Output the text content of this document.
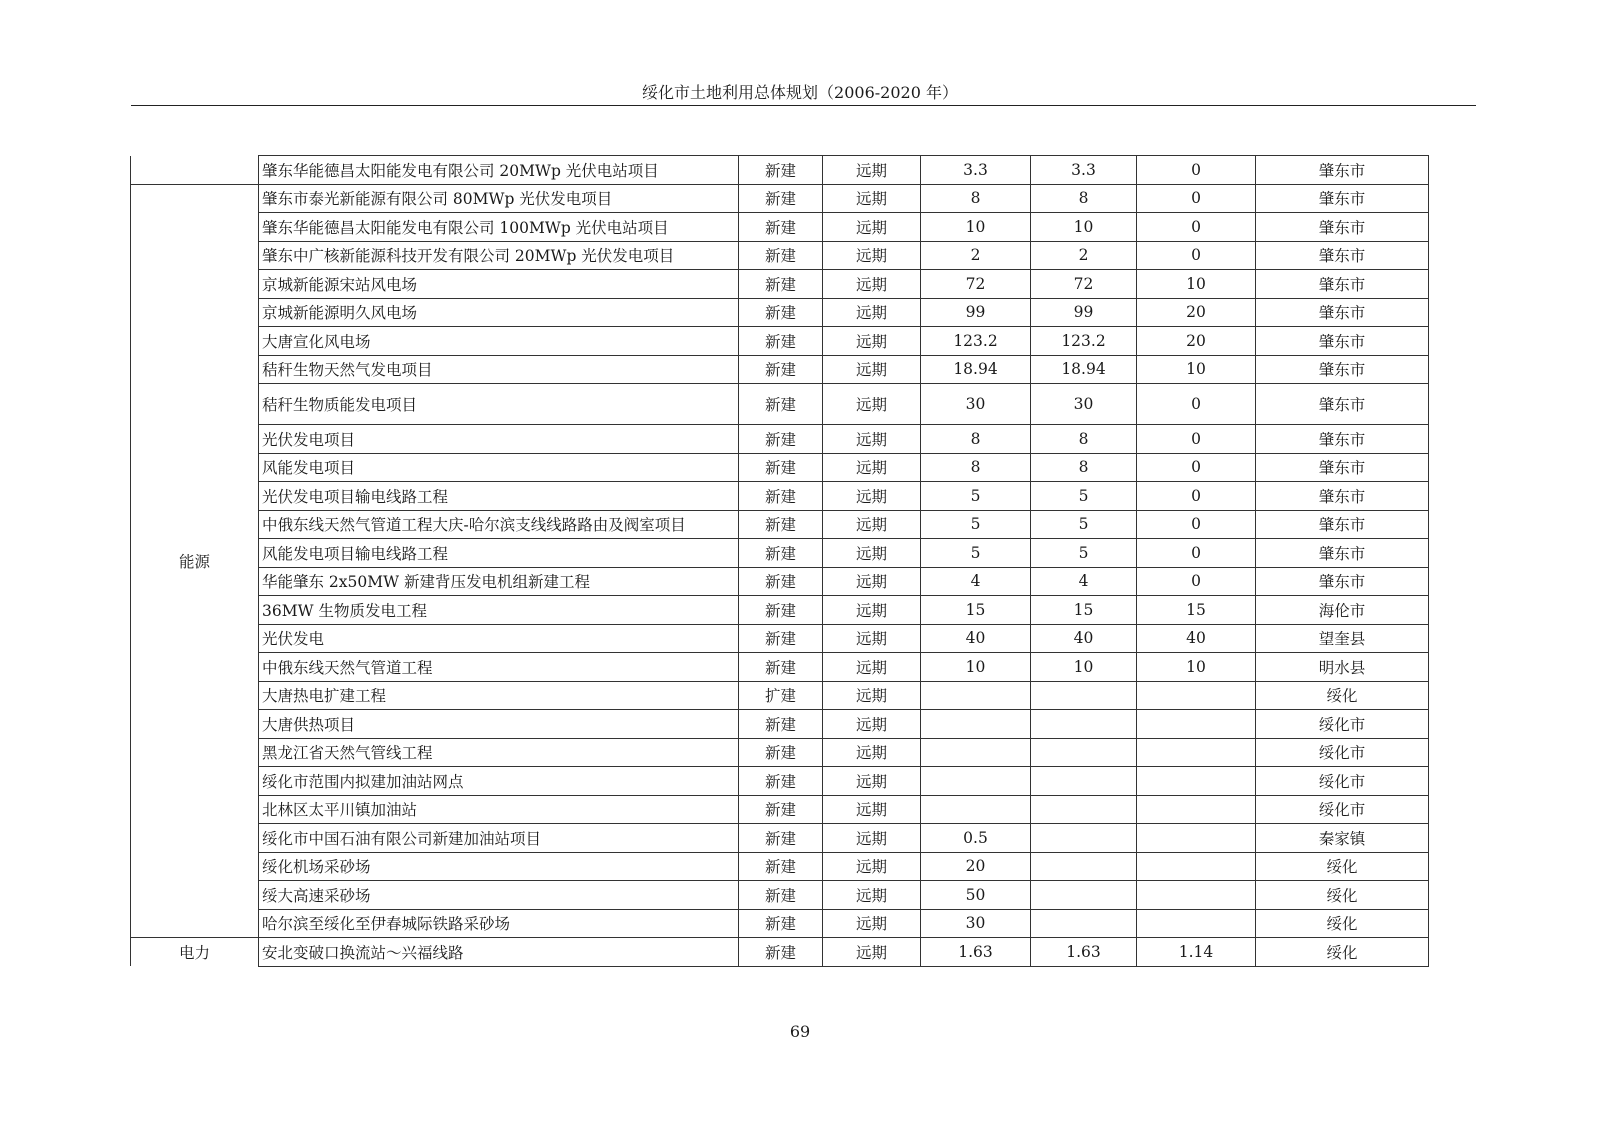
绥化市土地利用总体规划（2006-2020 年）
	肇东华能德昌太阳能发电有限公司 20MWp 光伏电站项目	新建	远期	3.3	3.3	0	肇东市
能源	肇东市泰光新能源有限公司 80MWp 光伏发电项目	新建	远期	8	8	0	肇东市
	肇东华能德昌太阳能发电有限公司 100MWp 光伏电站项目	新建	远期	10	10	0	肇东市
	肇东中广核新能源科技开发有限公司 20MWp 光伏发电项目	新建	远期	2	2	0	肇东市
	京城新能源宋站风电场	新建	远期	72	72	10	肇东市
	京城新能源明久风电场	新建	远期	99	99	20	肇东市
	大唐宣化风电场	新建	远期	123.2	123.2	20	肇东市
	秸秆生物天然气发电项目	新建	远期	18.94	18.94	10	肇东市
	秸秆生物质能发电项目	新建	远期	30	30	0	肇东市
	光伏发电项目	新建	远期	8	8	0	肇东市
	风能发电项目	新建	远期	8	8	0	肇东市
	光伏发电项目输电线路工程	新建	远期	5	5	0	肇东市
	中俄东线天然气管道工程大庆-哈尔滨支线线路路由及阀室项目	新建	远期	5	5	0	肇东市
	风能发电项目输电线路工程	新建	远期	5	5	0	肇东市
	华能肇东 2x50MW 新建背压发电机组新建工程	新建	远期	4	4	0	肇东市
	36MW 生物质发电工程	新建	远期	15	15	15	海伦市
	光伏发电	新建	远期	40	40	40	望奎县
	中俄东线天然气管道工程	新建	远期	10	10	10	明水县
	大唐热电扩建工程	扩建	远期				绥化
	大唐供热项目	新建	远期				绥化市
	黑龙江省天然气管线工程	新建	远期				绥化市
	绥化市范围内拟建加油站网点	新建	远期				绥化市
	北林区太平川镇加油站	新建	远期				绥化市
	绥化市中国石油有限公司新建加油站项目	新建	远期	0.5			秦家镇
	绥化机场采砂场	新建	远期	20			绥化
	绥大高速采砂场	新建	远期	50			绥化
	哈尔滨至绥化至伊春城际铁路采砂场	新建	远期	30			绥化
电力	安北变破口换流站～兴福线路	新建	远期	1.63	1.63	1.14	绥化
69
